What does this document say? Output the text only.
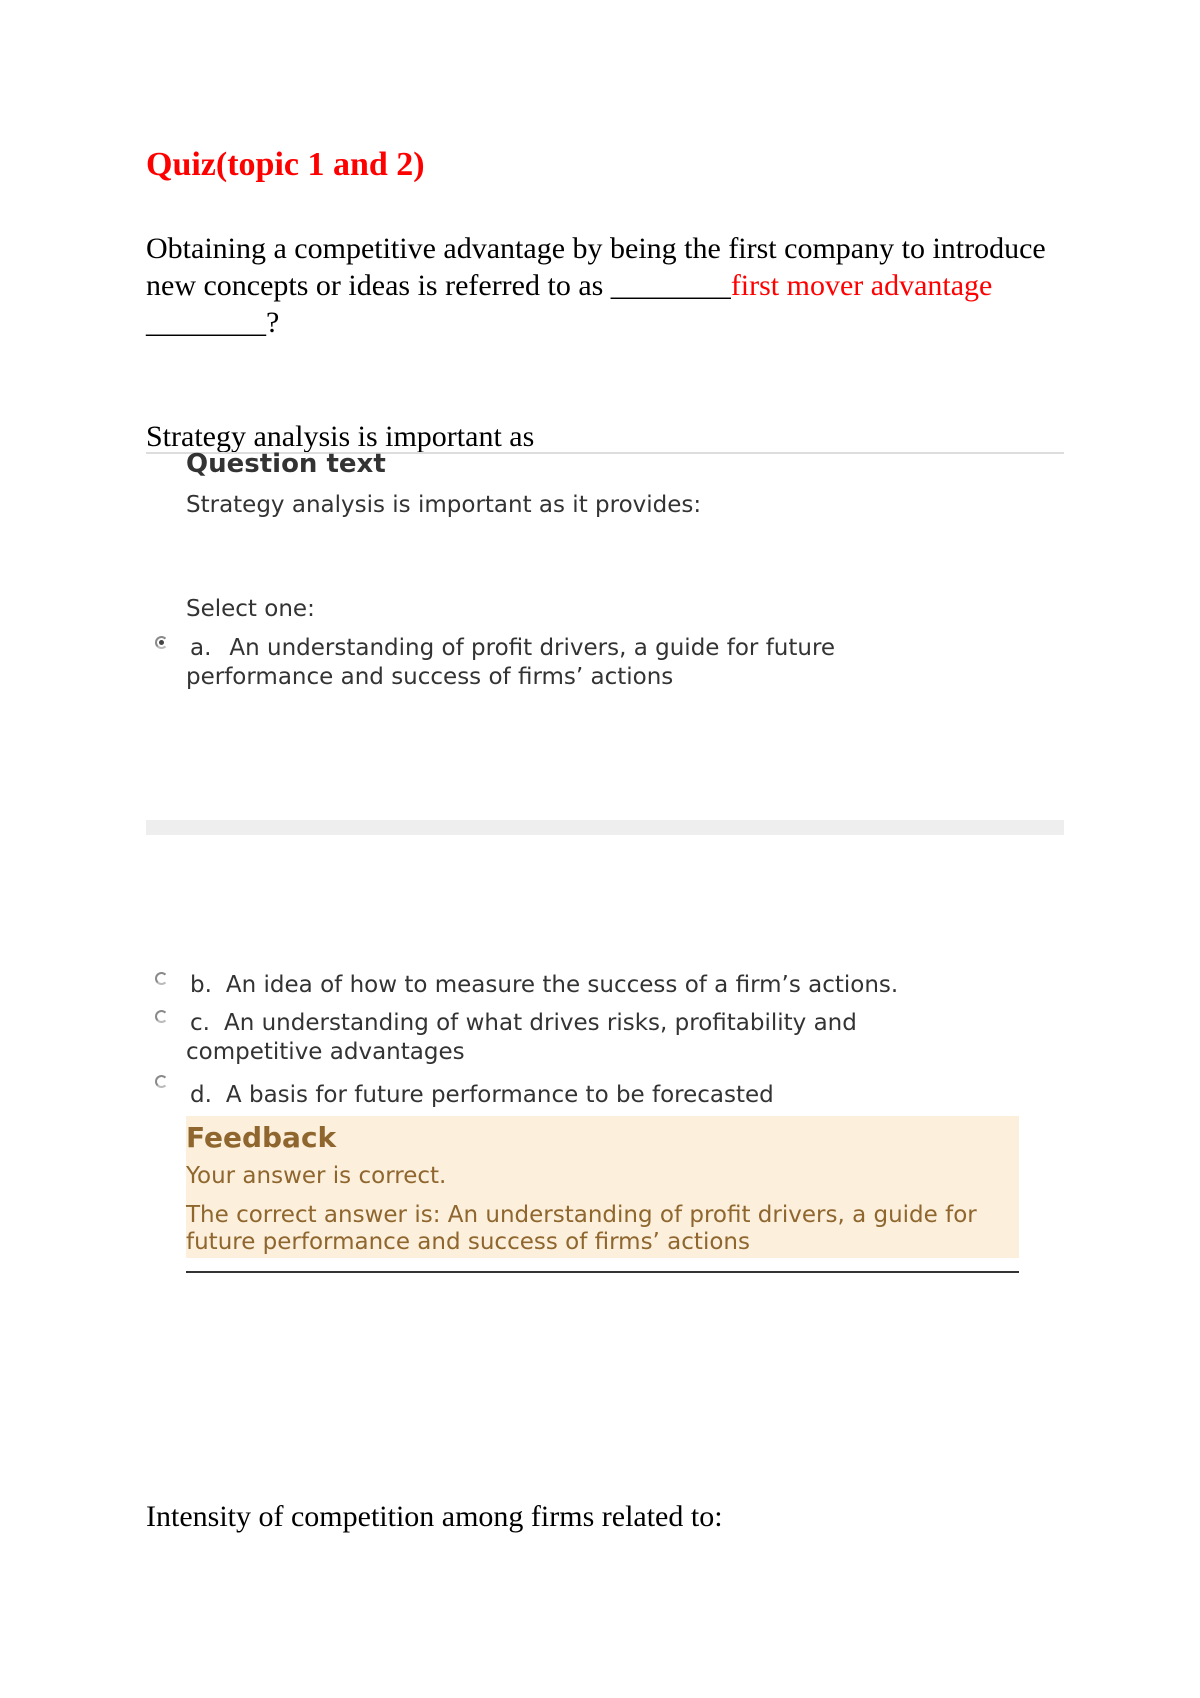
Quiz(topic 1 and 2)
Obtaining a competitive advantage by being the first company to introduce new concepts or ideas is referred to as ________first mover advantage ________?
Strategy analysis is important as
Question text
Strategy analysis is important as it provides:
Select one:
a. An understanding of profit drivers, a guide for future performance and success of firms’ actions
b. An idea of how to measure the success of a firm’s actions.
c. An understanding of what drives risks, profitability and competitive advantages
d. A basis for future performance to be forecasted
Feedback
Your answer is correct.
The correct answer is: An understanding of profit drivers, a guide for future performance and success of firms’ actions
Intensity of competition among firms related to:
